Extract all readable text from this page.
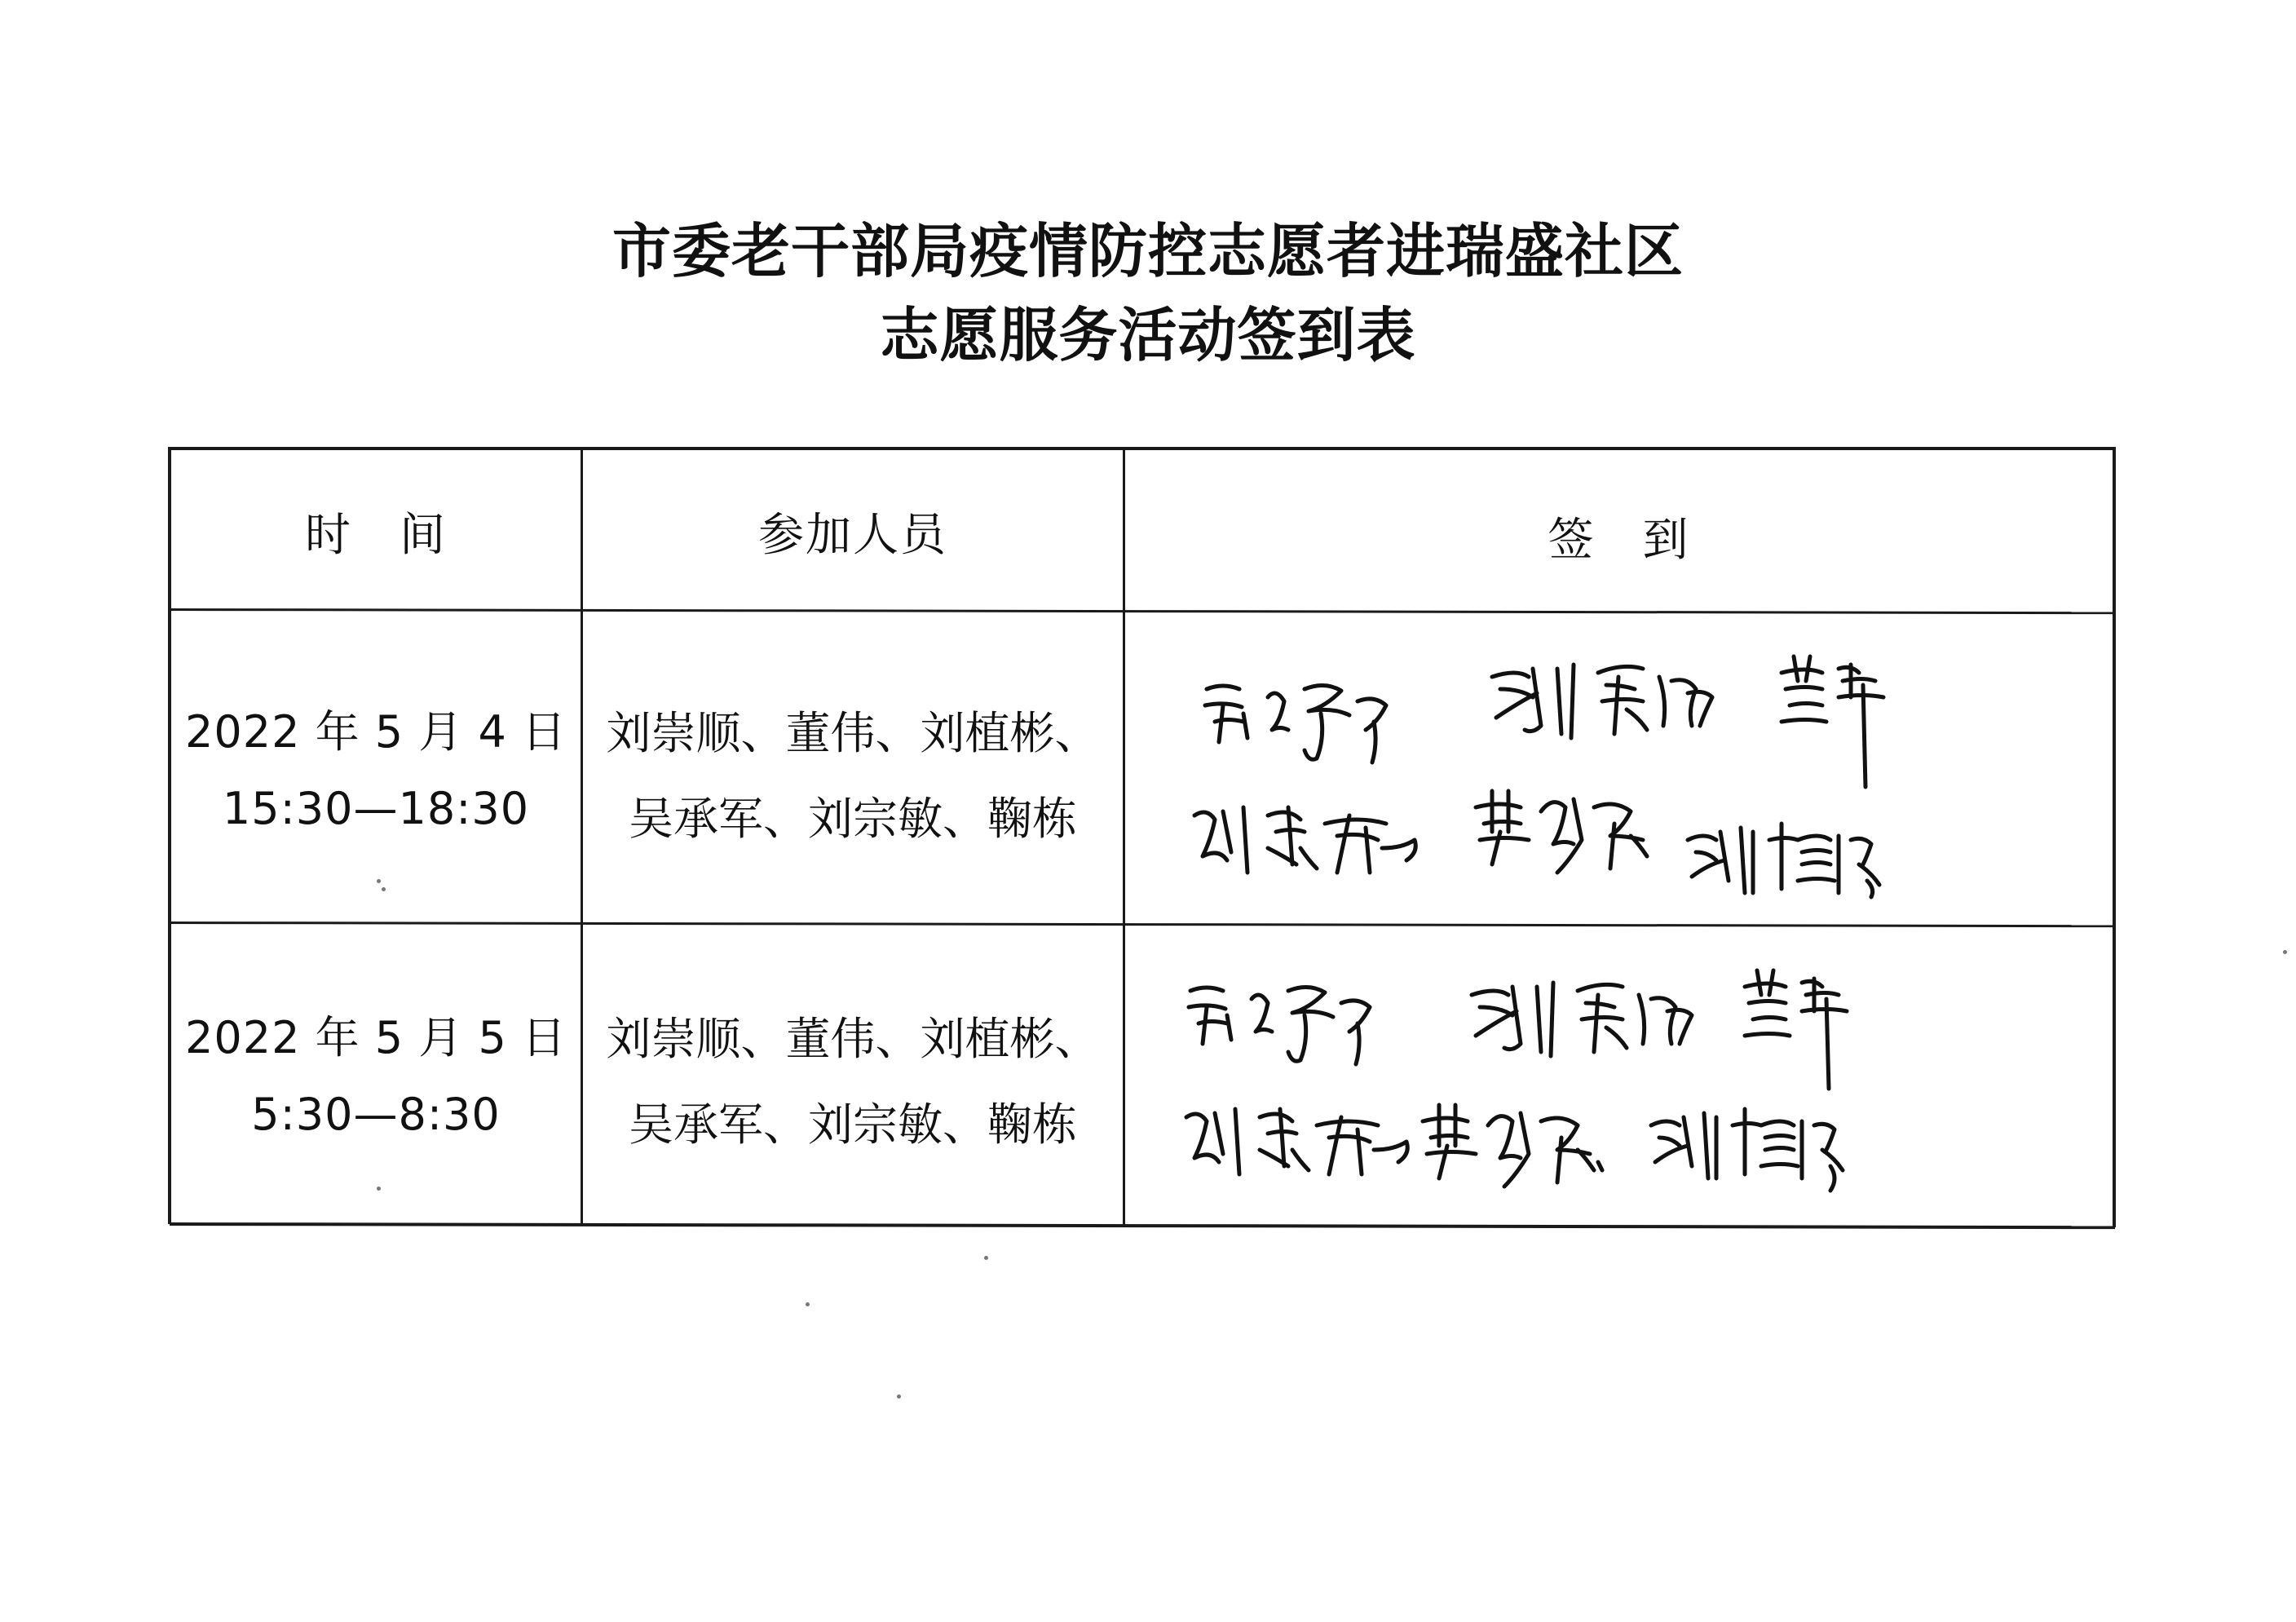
市委老干部局疫情防控志愿者进瑞盛社区
志愿服务活动签到表
时　间	参加人员	签　到
2022 年 5 月 4 日
15:30—18:30
刘崇顺、董伟、刘植彬、
吴承军、刘宗敏、鞠栋
2022 年 5 月 5 日
5:30—8:30
刘崇顺、董伟、刘植彬、
吴承军、刘宗敏、鞠栋
